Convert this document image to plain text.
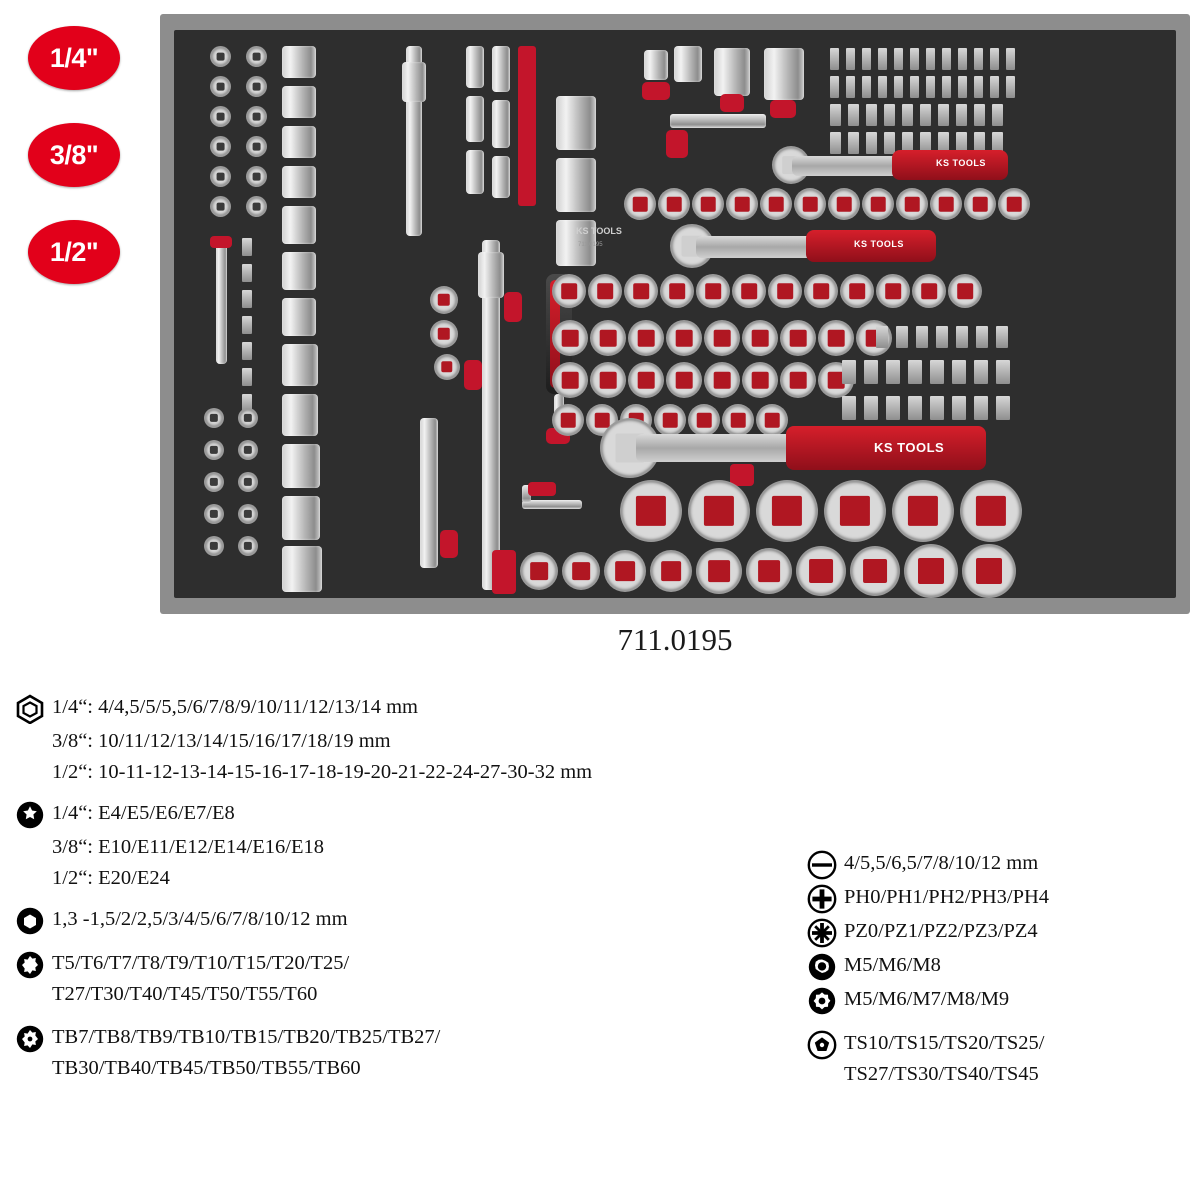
1/4"
3/8"
1/2"
KS TOOLS
KS TOOLS
KS TOOLS
711.0195
KS TOOLS
711.0195
1/4“: 4/4,5/5/5,5/6/7/8/9/10/11/12/13/14 mm
3/8“: 10/11/12/13/14/15/16/17/18/19 mm
1/2“: 10-11-12-13-14-15-16-17-18-19-20-21-22-24-27-30-32 mm
1/4“: E4/E5/E6/E7/E8
3/8“: E10/E11/E12/E14/E16/E18
1/2“: E20/E24
1,3 -1,5/2/2,5/3/4/5/6/7/8/10/12 mm
T5/T6/T7/T8/T9/T10/T15/T20/T25/
T27/T30/T40/T45/T50/T55/T60
TB7/TB8/TB9/TB10/TB15/TB20/TB25/TB27/
TB30/TB40/TB45/TB50/TB55/TB60
4/5,5/6,5/7/8/10/12 mm
PH0/PH1/PH2/PH3/PH4
PZ0/PZ1/PZ2/PZ3/PZ4
M5/M6/M8
M5/M6/M7/M8/M9
TS10/TS15/TS20/TS25/
TS27/TS30/TS40/TS45
